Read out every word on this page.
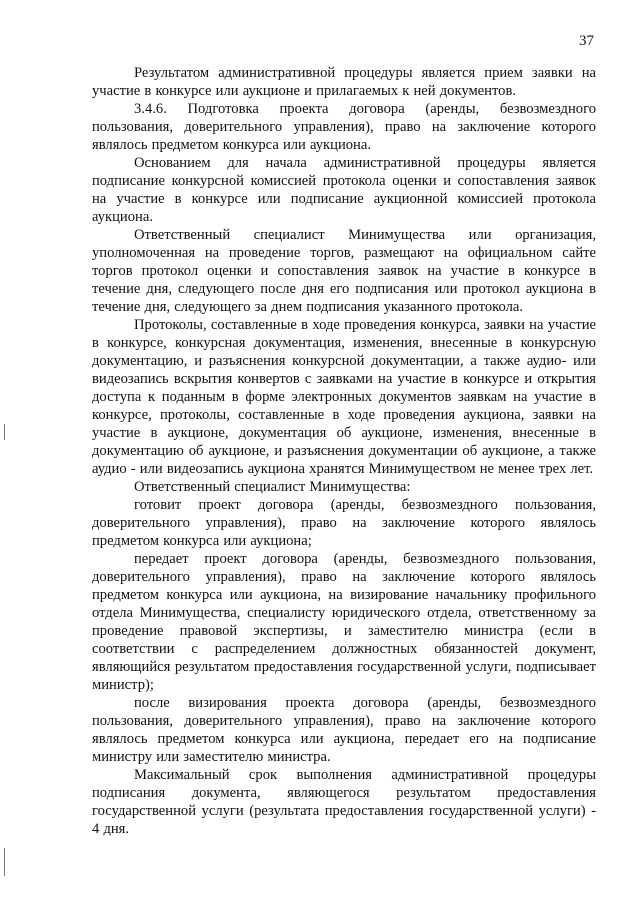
37

Результатом административной процедуры является прием заявки на участие в конкурсе или аукционе и прилагаемых к ней документов.

3.4.6. Подготовка проекта договора (аренды, безвозмездного пользования, доверительного управления), право на заключение которого являлось предметом конкурса или аукциона.

Основанием для начала административной процедуры является подписание конкурсной комиссией протокола оценки и сопоставления заявок на участие в конкурсе или подписание аукционной комиссией протокола аукциона.

Ответственный специалист Минимущества или организация, уполномоченная на проведение торгов, размещают на официальном сайте торгов протокол оценки и сопоставления заявок на участие в конкурсе в течение дня, следующего после дня его подписания или протокол аукциона в течение дня, следующего за днем подписания указанного протокола.

Протоколы, составленные в ходе проведения конкурса, заявки на участие в конкурсе, конкурсная документация, изменения, внесенные в конкурсную документацию, и разъяснения конкурсной документации, а также аудио- или видеозапись вскрытия конвертов с заявками на участие в конкурсе и открытия доступа к поданным в форме электронных документов заявкам на участие в конкурсе, протоколы, составленные в ходе проведения аукциона, заявки на участие в аукционе, документация об аукционе, изменения, внесенные в документацию об аукционе, и разъяснения документации об аукционе, а также аудио - или видеозапись аукциона хранятся Минимуществом не менее трех лет.

Ответственный специалист Минимущества:

готовит проект договора (аренды, безвозмездного пользования, доверительного управления), право на заключение которого являлось предметом конкурса или аукциона;

передает проект договора (аренды, безвозмездного пользования, доверительного управления), право на заключение которого являлось предметом конкурса или аукциона, на визирование начальнику профильного отдела Минимущества, специалисту юридического отдела, ответственному за проведение правовой экспертизы, и заместителю министра (если в соответствии с распределением должностных обязанностей документ, являющийся результатом предоставления государственной услуги, подписывает министр);

после визирования проекта договора (аренды, безвозмездного пользования, доверительного управления), право на заключение которого являлось предметом конкурса или аукциона, передает его на подписание министру или заместителю министра.

Максимальный срок выполнения административной процедуры подписания документа, являющегося результатом предоставления государственной услуги (результата предоставления государственной услуги) - 4 дня.
